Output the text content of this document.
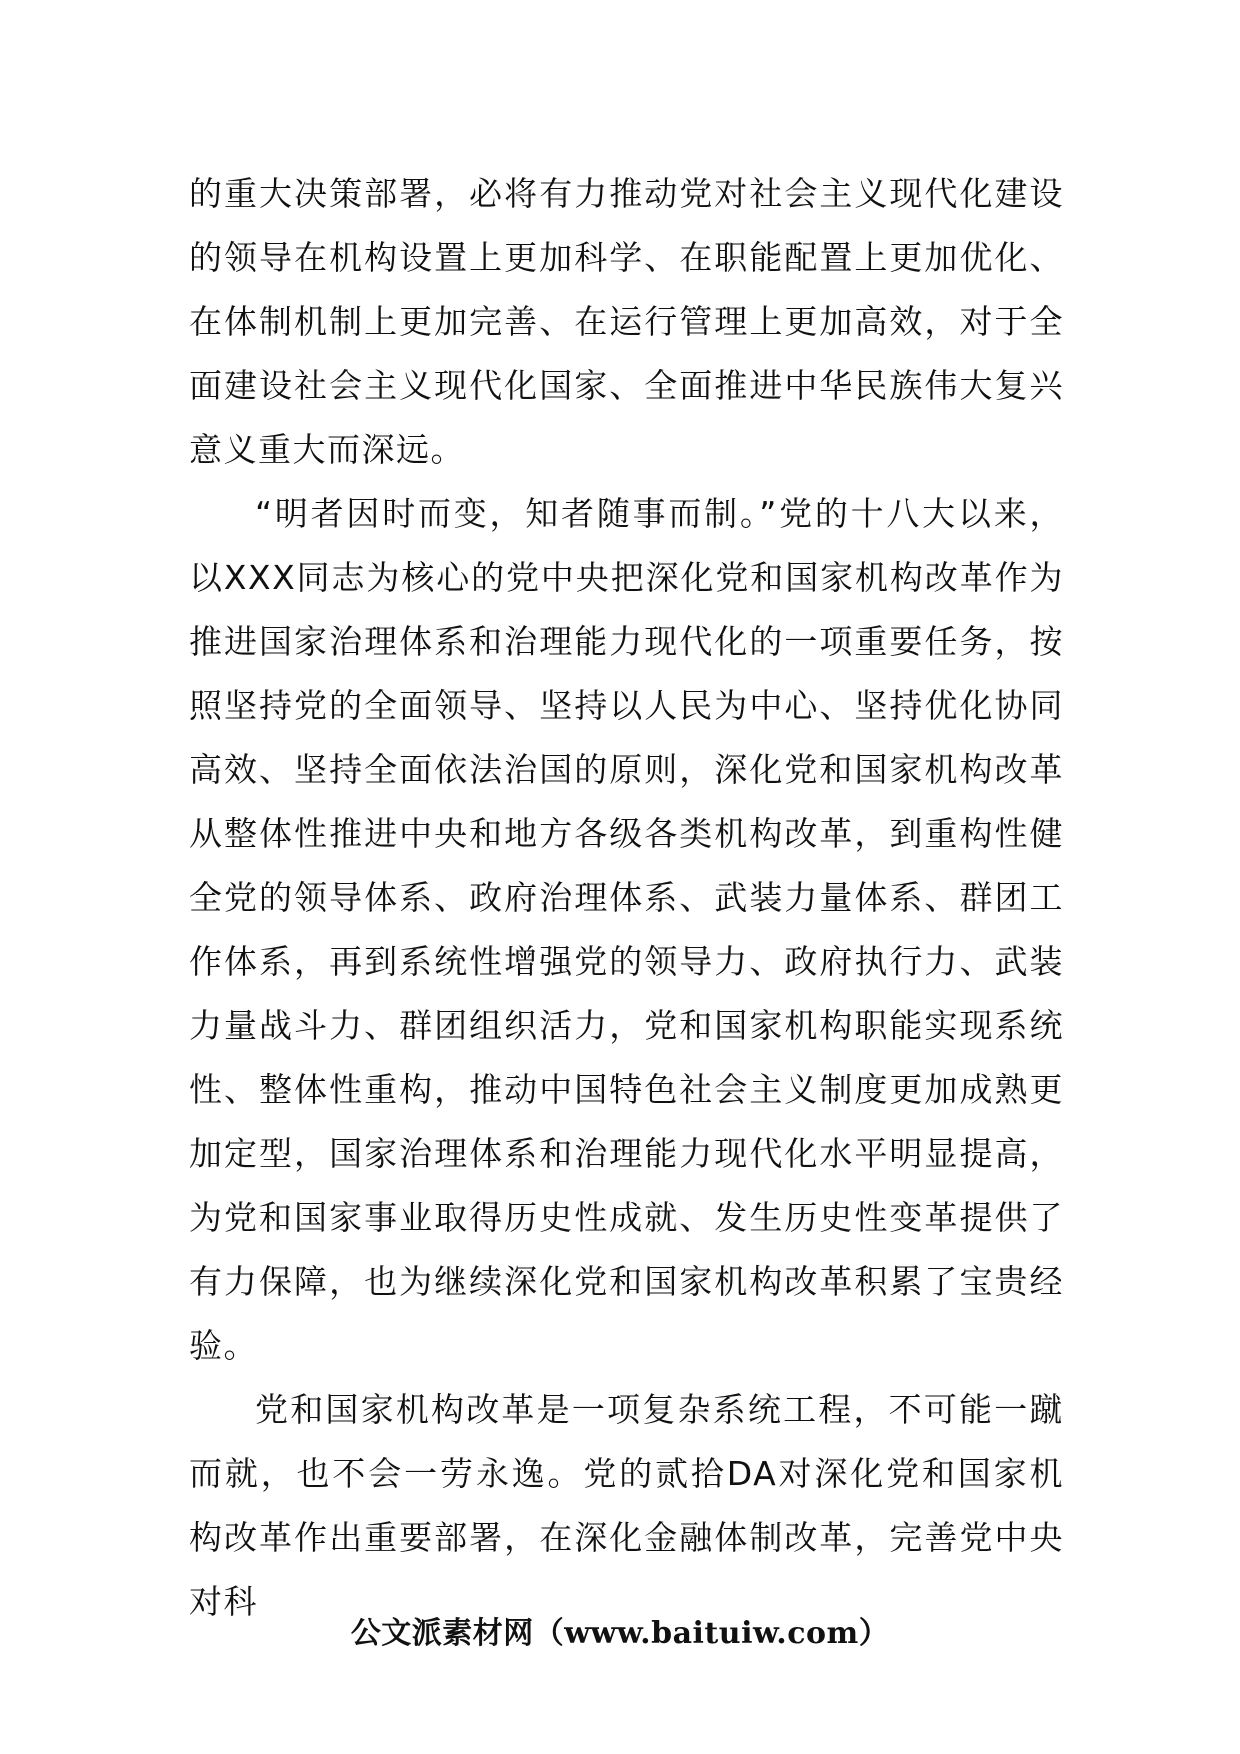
的重大决策部署，必将有力推动党对社会主义现代化建设的领导在机构设置上更加科学、在职能配置上更加优化、在体制机制上更加完善、在运行管理上更加高效，对于全面建设社会主义现代化国家、全面推进中华民族伟大复兴意义重大而深远。

“明者因时而变，知者随事而制。”党的十八大以来，以XXX同志为核心的党中央把深化党和国家机构改革作为推进国家治理体系和治理能力现代化的一项重要任务，按照坚持党的全面领导、坚持以人民为中心、坚持优化协同高效、坚持全面依法治国的原则，深化党和国家机构改革从整体性推进中央和地方各级各类机构改革，到重构性健全党的领导体系、政府治理体系、武装力量体系、群团工作体系，再到系统性增强党的领导力、政府执行力、武装力量战斗力、群团组织活力，党和国家机构职能实现系统性、整体性重构，推动中国特色社会主义制度更加成熟更加定型，国家治理体系和治理能力现代化水平明显提高，为党和国家事业取得历史性成就、发生历史性变革提供了有力保障，也为继续深化党和国家机构改革积累了宝贵经验。

党和国家机构改革是一项复杂系统工程，不可能一蹴而就，也不会一劳永逸。党的贰拾DA对深化党和国家机构改革作出重要部署，在深化金融体制改革，完善党中央对科

公文派素材网（www.baituiw.com）
